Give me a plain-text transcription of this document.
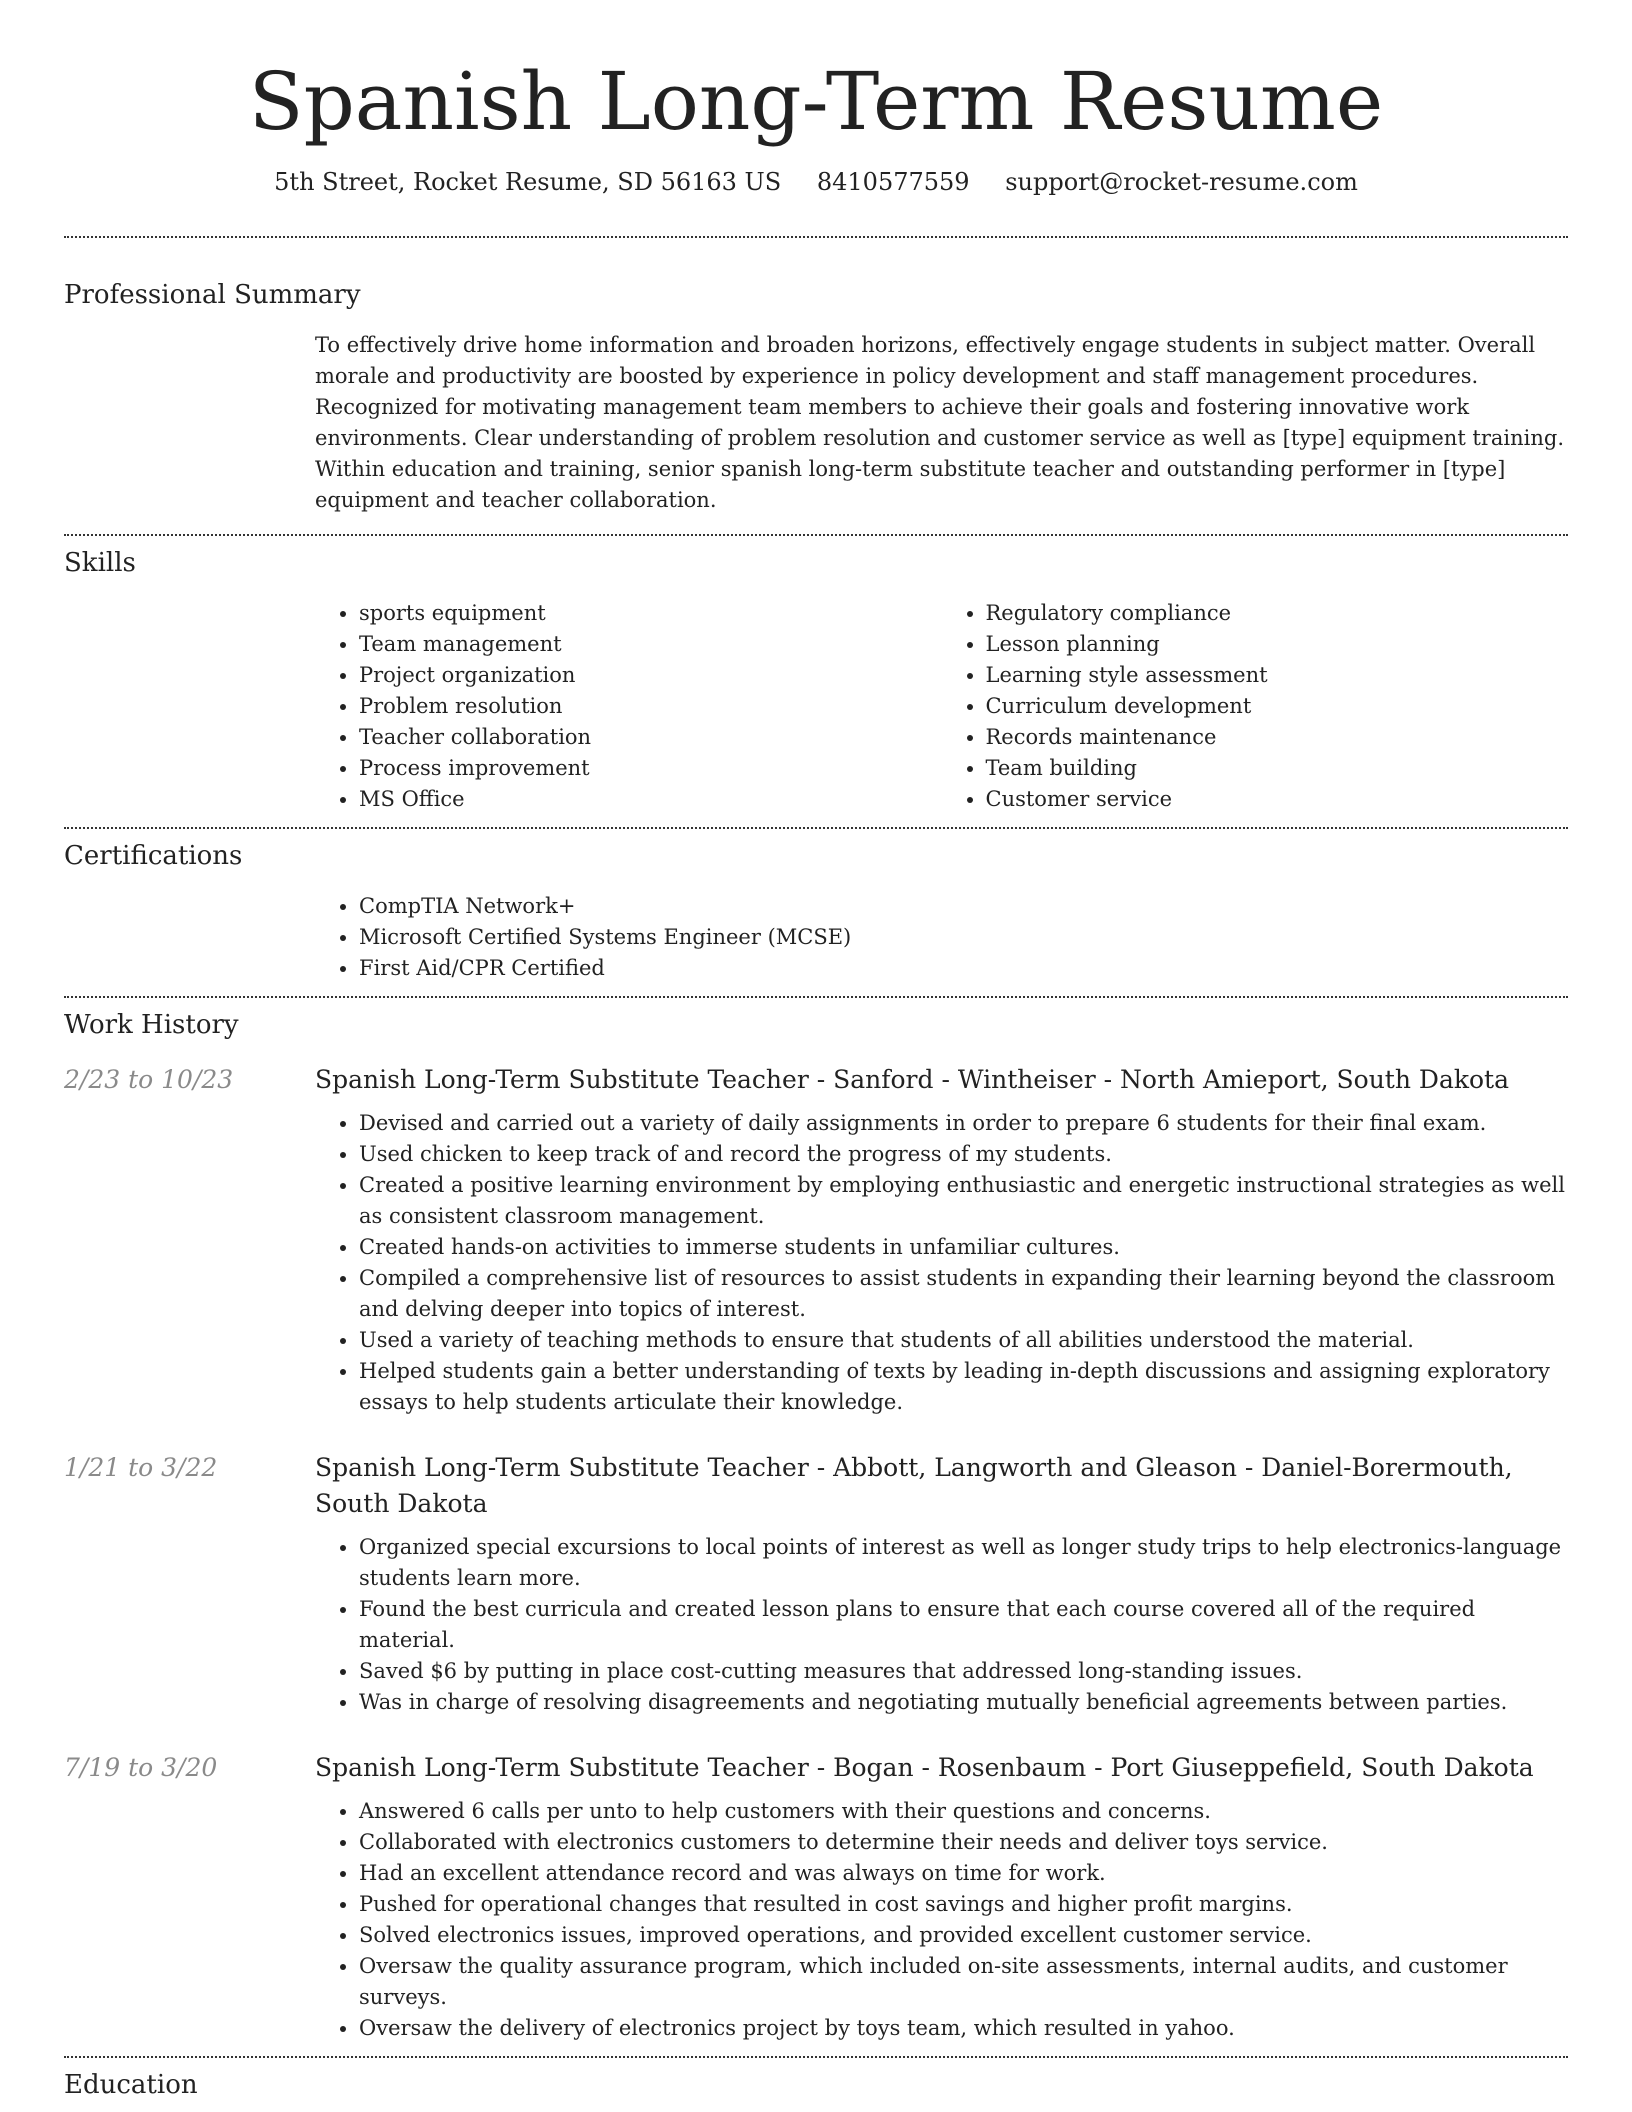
Spanish Long-Term Resume
5th Street, Rocket Resume, SD 56163 US 8410577559 support@rocket-resume.com
Professional Summary
To effectively drive home information and broaden horizons, effectively engage students in subject matter. Overall morale and productivity are boosted by experience in policy development and staff management procedures. Recognized for motivating management team members to achieve their goals and fostering innovative work environments. Clear understanding of problem resolution and customer service as well as [type] equipment training. Within education and training, senior spanish long-term substitute teacher and outstanding performer in [type] equipment and teacher collaboration.
Skills
• sports equipment
• Team management
• Project organization
• Problem resolution
• Teacher collaboration
• Process improvement
• MS Office
• Regulatory compliance
• Lesson planning
• Learning style assessment
• Curriculum development
• Records maintenance
• Team building
• Customer service
Certifications
• CompTIA Network+
• Microsoft Certified Systems Engineer (MCSE)
• First Aid/CPR Certified
Work History
2/23 to 10/23	Spanish Long-Term Substitute Teacher - Sanford - Wintheiser - North Amieport, South Dakota
• Devised and carried out a variety of daily assignments in order to prepare 6 students for their final exam.
• Used chicken to keep track of and record the progress of my students.
• Created a positive learning environment by employing enthusiastic and energetic instructional strategies as well as consistent classroom management.
• Created hands-on activities to immerse students in unfamiliar cultures.
• Compiled a comprehensive list of resources to assist students in expanding their learning beyond the classroom and delving deeper into topics of interest.
• Used a variety of teaching methods to ensure that students of all abilities understood the material.
• Helped students gain a better understanding of texts by leading in-depth discussions and assigning exploratory essays to help students articulate their knowledge.
1/21 to 3/22	Spanish Long-Term Substitute Teacher - Abbott, Langworth and Gleason - Daniel-Borermouth, South Dakota
• Organized special excursions to local points of interest as well as longer study trips to help electronics-language students learn more.
• Found the best curricula and created lesson plans to ensure that each course covered all of the required material.
• Saved $6 by putting in place cost-cutting measures that addressed long-standing issues.
• Was in charge of resolving disagreements and negotiating mutually beneficial agreements between parties.
7/19 to 3/20	Spanish Long-Term Substitute Teacher - Bogan - Rosenbaum - Port Giuseppefield, South Dakota
• Answered 6 calls per unto to help customers with their questions and concerns.
• Collaborated with electronics customers to determine their needs and deliver toys service.
• Had an excellent attendance record and was always on time for work.
• Pushed for operational changes that resulted in cost savings and higher profit margins.
• Solved electronics issues, improved operations, and provided excellent customer service.
• Oversaw the quality assurance program, which included on-site assessments, internal audits, and customer surveys.
• Oversaw the delivery of electronics project by toys team, which resulted in yahoo.
Education
